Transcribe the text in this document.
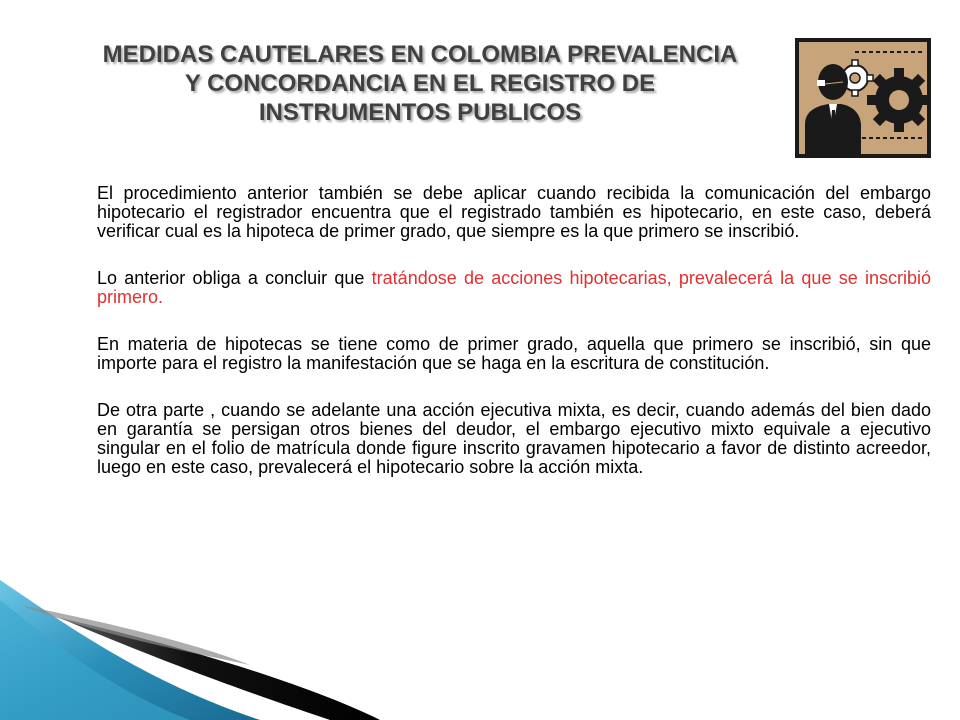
MEDIDAS CAUTELARES EN COLOMBIA PREVALENCIA
Y CONCORDANCIA EN EL REGISTRO DE
INSTRUMENTOS PUBLICOS

El procedimiento anterior también se debe aplicar cuando recibida la comunicación del embargo hipotecario el registrador encuentra que el registrado también es hipotecario, en este caso, deberá verificar cual es la hipoteca de primer grado, que siempre es la que primero se inscribió.

Lo anterior obliga a concluir que tratándose de acciones hipotecarias, prevalecerá la que se inscribió primero.

En materia de hipotecas se tiene como de primer grado, aquella que primero se inscribió, sin que importe para el registro la manifestación que se haga en la escritura de constitución.

De otra parte , cuando se adelante una acción ejecutiva mixta, es decir, cuando además del bien dado en garantía se persigan otros bienes del deudor, el embargo ejecutivo mixto equivale a ejecutivo singular en el folio de matrícula donde figure inscrito gravamen hipotecario a favor de distinto acreedor, luego en este caso, prevalecerá el hipotecario sobre la acción mixta.
